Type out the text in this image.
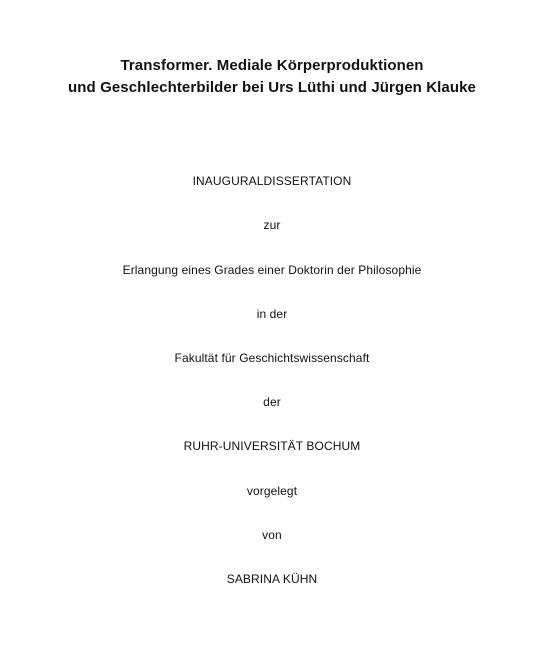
Transformer. Mediale Körperproduktionen
und Geschlechterbilder bei Urs Lüthi und Jürgen Klauke
INAUGURALDISSERTATION
zur
Erlangung eines Grades einer Doktorin der Philosophie
in der
Fakultät für Geschichtswissenschaft
der
RUHR-UNIVERSITÄT BOCHUM
vorgelegt
von
SABRINA KÜHN
